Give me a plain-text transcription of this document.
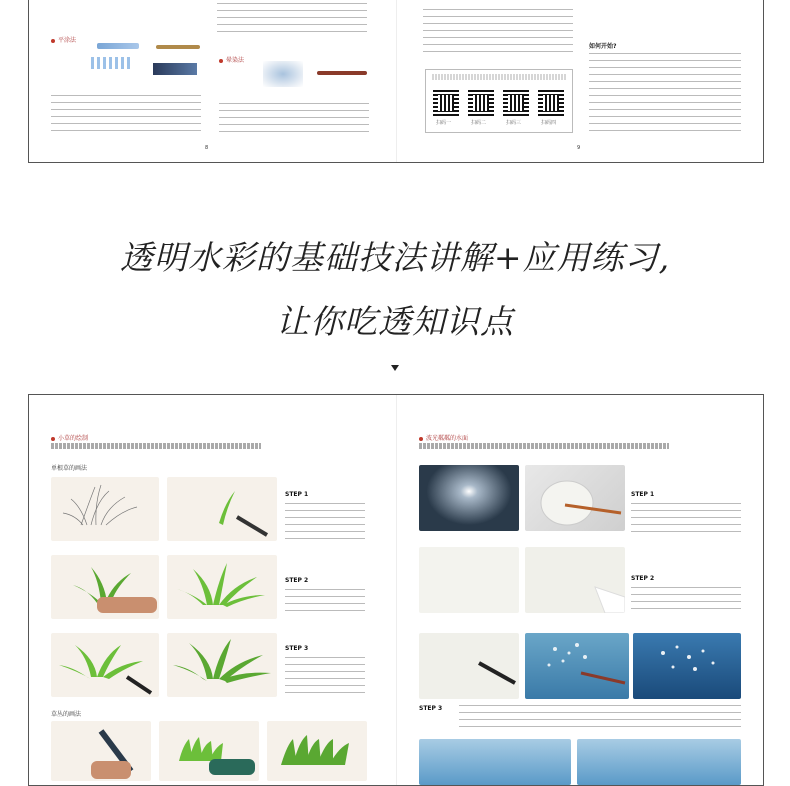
平涂法
晕染法
8
扫码一	扫码二	扫码三	扫码四
如何开始?
9
透明水彩的基础技法讲解+应用练习,
让你吃透知识点
小草的绘制
单根草的画法
STEP 1
STEP 2
STEP 3
草丛的画法
波光粼粼的水面
STEP 1
STEP 2
STEP 3
